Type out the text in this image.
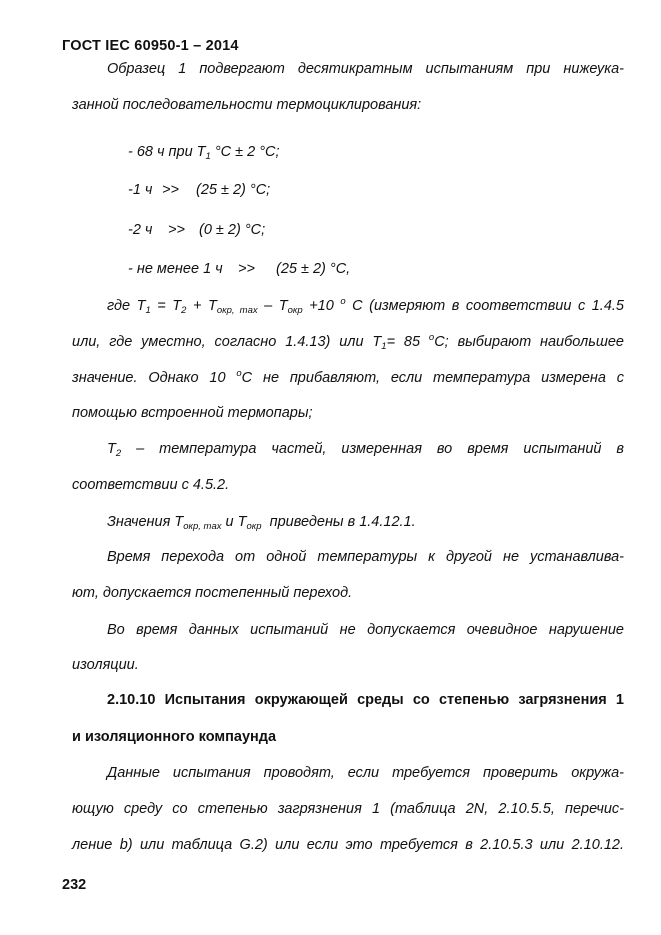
ГОСТ IEC 60950-1 – 2014
Образец 1 подвергают десятикратным испытаниям при нижеука-
занной последовательности термоциклирования:
- 68 ч при $T_1$ °С ± 2 °С;
-1 ч >> (25 ± 2) °С;
-2 ч >> (0 ± 2) °С;
- не менее 1 ч >> (25 ± 2) °С,
где $T_1 = T_2 + T_{окр, max} - T_{окр} +10$ $^о$ С (измеряют в соответствии с 1.4.5
или, где уместно, согласно 1.4.13) или $T_1= 85$ $^о$С; выбирают наибольшее
значение. Однако 10 $^о$С не прибавляют, если температура измерена с
помощью встроенной термопары;
$T_2$ – температура частей, измеренная во время испытаний в
соответствии с 4.5.2.
Значения $T_{окр, max}$ и $T_{окр}$  приведены в 1.4.12.1.
Время перехода от одной температуры к другой не устанавлива-
ют, допускается постепенный переход.
Во время данных испытаний не допускается очевидное нарушение
изоляции.
2.10.10 Испытания окружающей среды со степенью загрязнения 1
и изоляционного компаунда
Данные испытания проводят, если требуется проверить окружа-
ющую среду со степенью загрязнения 1 (таблица 2N, 2.10.5.5, перечис-
ление b) или таблица G.2) или если это требуется в 2.10.5.3 или 2.10.12.
232
